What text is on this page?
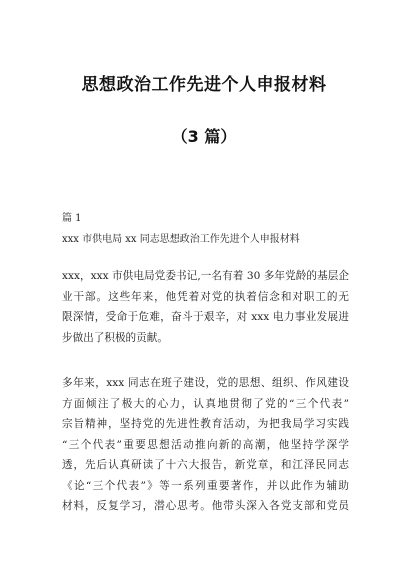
思想政治工作先进个人申报材料
（3 篇）
篇 1
xxx 市供电局 xx 同志思想政治工作先进个人申报材料
xxx，xxx 市供电局党委书记,一名有着 30 多年党龄的基层企
业干部。这些年来，他凭着对党的执着信念和对职工的无
限深情，受命于危难，奋斗于艰辛，对 xxx 电力事业发展进
步做出了积极的贡献。
多年来，xxx 同志在班子建设，党的思想、组织、作风建设
方面倾注了极大的心力，认真地贯彻了党的“三个代表”
宗旨精神，坚持党的先进性教育活动，为把我局学习实践
“三个代表”重要思想活动推向新的高潮，他坚持学深学
透，先后认真研读了十六大报告，新党章，和江泽民同志
《论“三个代表”》等一系列重要著作，并以此作为辅助
材料，反复学习，潜心思考。他带头深入各党支部和党员
